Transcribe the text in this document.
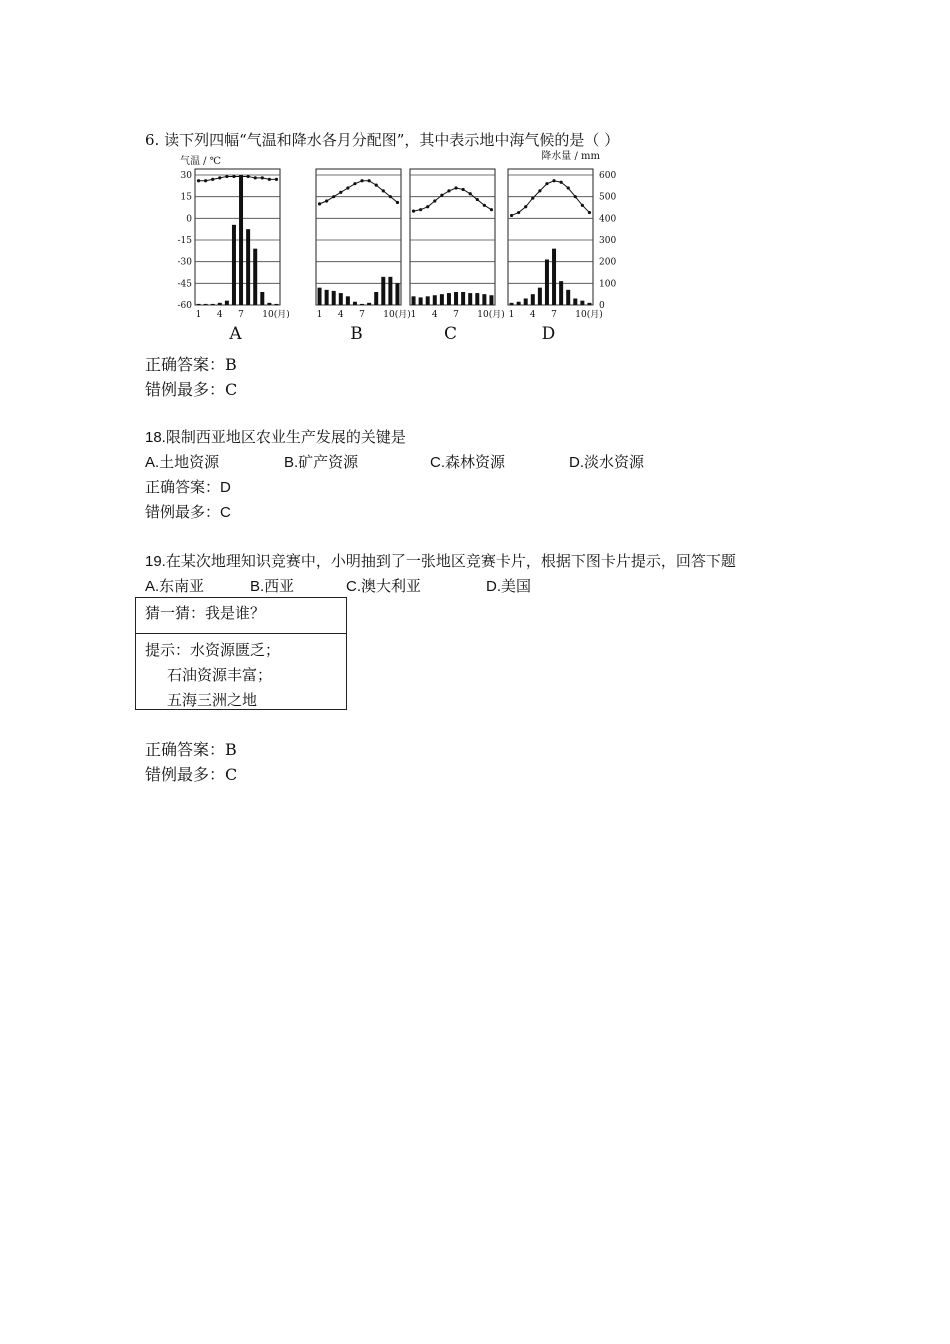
6. 读下列四幅“气温和降水各月分配图”，其中表示地中海气候的是（ ）
气温 / ℃	降水量 / mm
30
15
0
-15
-30
-45
-60
600
500
400
300
200
100
0
1 4 7 10(月)
A
1 4 7 10(月)
B
1 4 7 10(月)
C
1 4 7 10(月)
D
正确答案：B
错例最多：C
18.限制西亚地区农业生产发展的关键是
A.土地资源	B.矿产资源	C.森林资源	D.淡水资源
正确答案：D
错例最多：C
19.在某次地理知识竞赛中，小明抽到了一张地区竞赛卡片，根据下图卡片提示，回答下题
A.东南亚	B.西亚	C.澳大利亚	D.美国
猜一猜：我是谁？
提示：水资源匮乏；
石油资源丰富；
五海三洲之地
正确答案：B
错例最多：C
